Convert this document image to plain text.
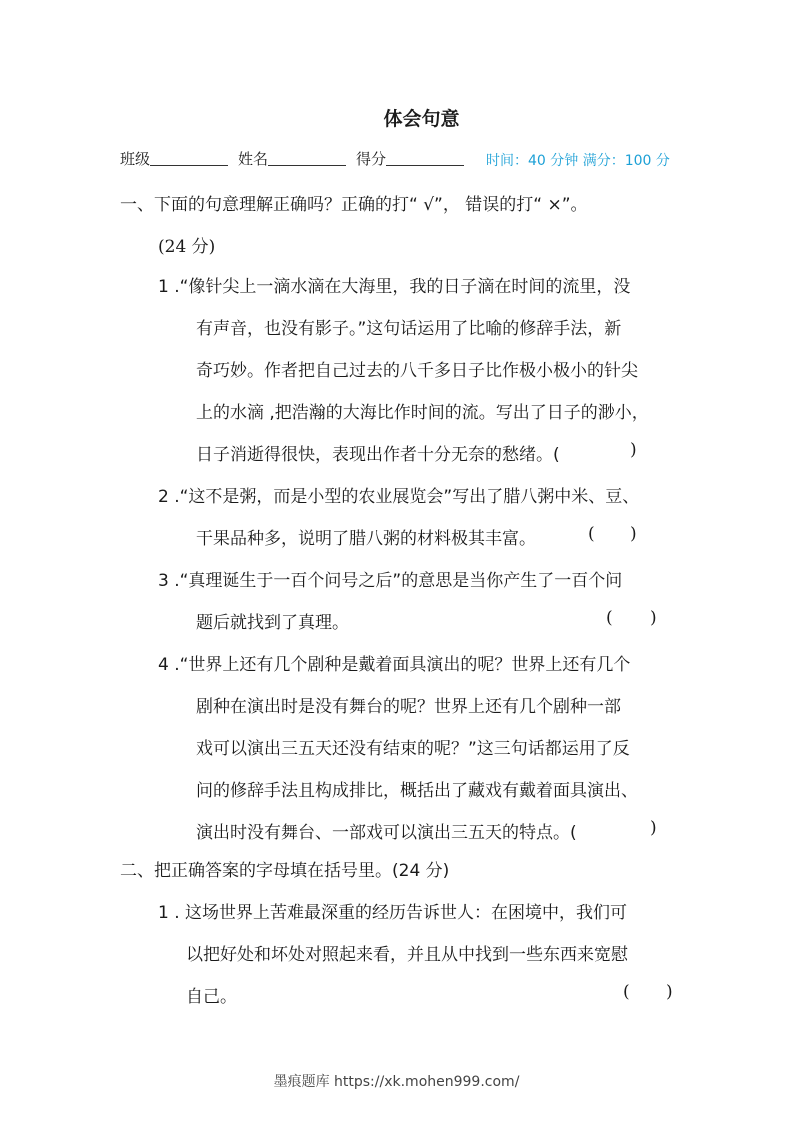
体会句意
班级	姓名	得分	时间：40 分钟 满分：100 分
一、下面的句意理解正确吗？正确的打“ √”， 错误的打“ ×”。
(24 分)
1 .“像针尖上一滴水滴在大海里，我的日子滴在时间的流里，没
有声音，也没有影子。”这句话运用了比喻的修辞手法，新
奇巧妙。作者把自己过去的八千多日子比作极小极小的针尖
上的水滴 ,把浩瀚的大海比作时间的流。写出了日子的渺小，
日子消逝得很快，表现出作者十分无奈的愁绪。(	)
2 .“这不是粥，而是小型的农业展览会”写出了腊八粥中米、豆、
干果品种多，说明了腊八粥的材料极其丰富。	( )
3 .“真理诞生于一百个问号之后”的意思是当你产生了一百个问
题后就找到了真理。	( )
4 .“世界上还有几个剧种是戴着面具演出的呢？世界上还有几个
剧种在演出时是没有舞台的呢？世界上还有几个剧种一部
戏可以演出三五天还没有结束的呢？”这三句话都运用了反
问的修辞手法且构成排比，概括出了藏戏有戴着面具演出、
演出时没有舞台、一部戏可以演出三五天的特点。(	)
二、把正确答案的字母填在括号里。(24 分)
1 . 这场世界上苦难最深重的经历告诉世人：在困境中，我们可
以把好处和坏处对照起来看，并且从中找到一些东西来宽慰
自己。	( )
墨痕题库 https://xk.mohen999.com/
